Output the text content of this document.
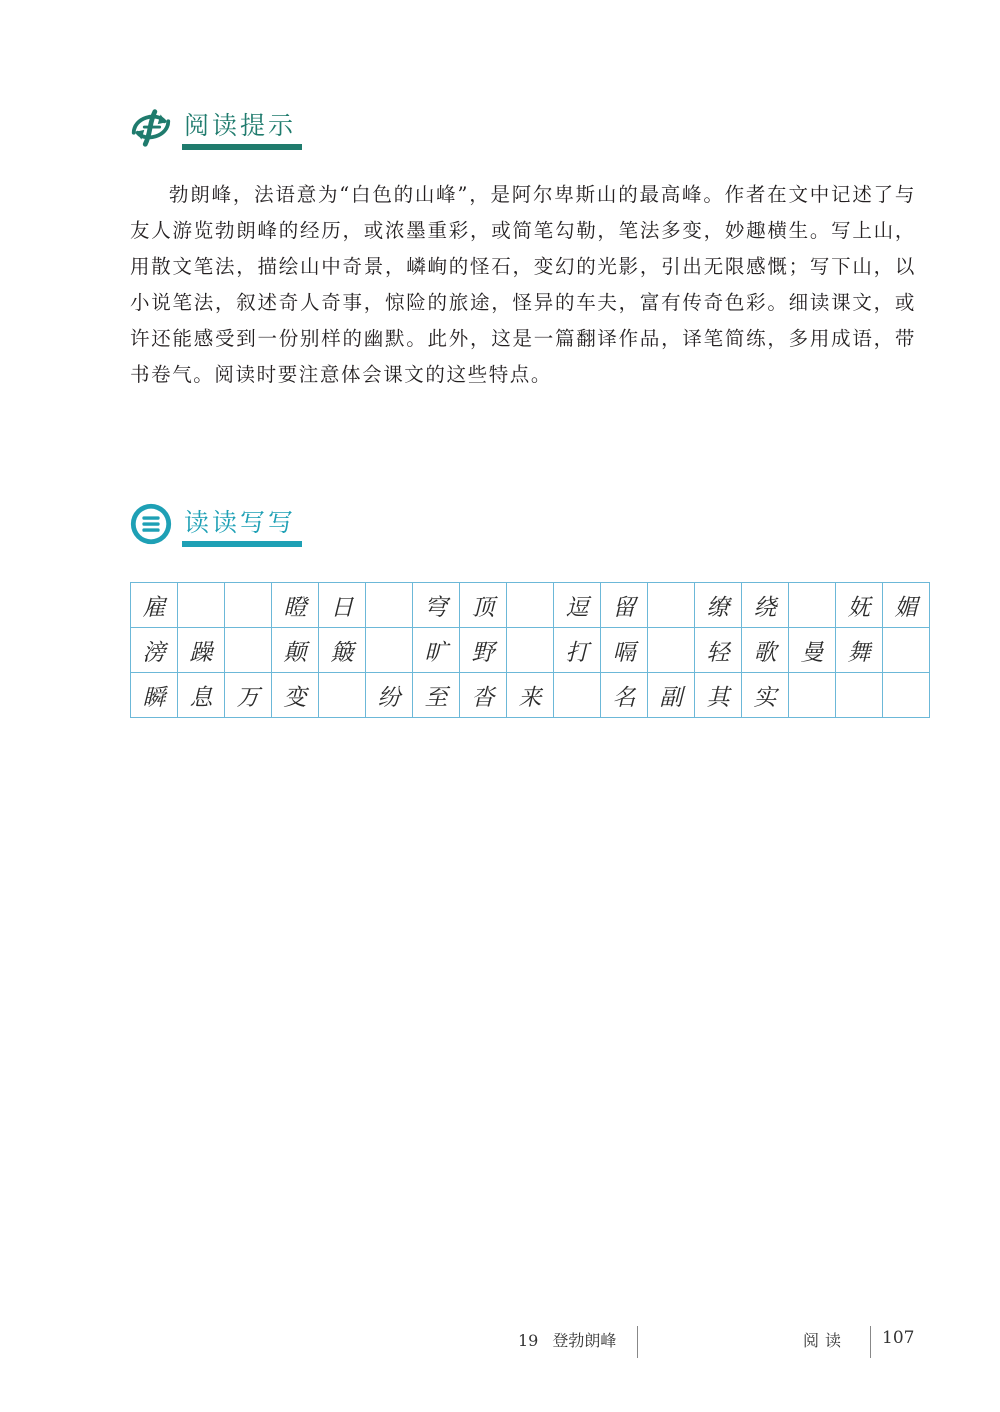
阅读提示

勃朗峰，法语意为“白色的山峰”，是阿尔卑斯山的最高峰。作者在文中记述了与友人游览勃朗峰的经历，或浓墨重彩，或简笔勾勒，笔法多变，妙趣横生。写上山，用散文笔法，描绘山中奇景，嶙峋的怪石，变幻的光影，引出无限感慨；写下山，以小说笔法，叙述奇人奇事，惊险的旅途，怪异的车夫，富有传奇色彩。细读课文，或许还能感受到一份别样的幽默。此外，这是一篇翻译作品，译笔简练，多用成语，带书卷气。阅读时要注意体会课文的这些特点。

读读写写
雇			瞪	日		穹	顶		逗	留		缭	绕		妩	媚
滂	躁		颠	簸		旷	野		打	嗝		轻	歌	曼	舞	
瞬	息	万	变		纷	至	沓	来		名	副	其	实			
19 登勃朗峰	阅读 107
